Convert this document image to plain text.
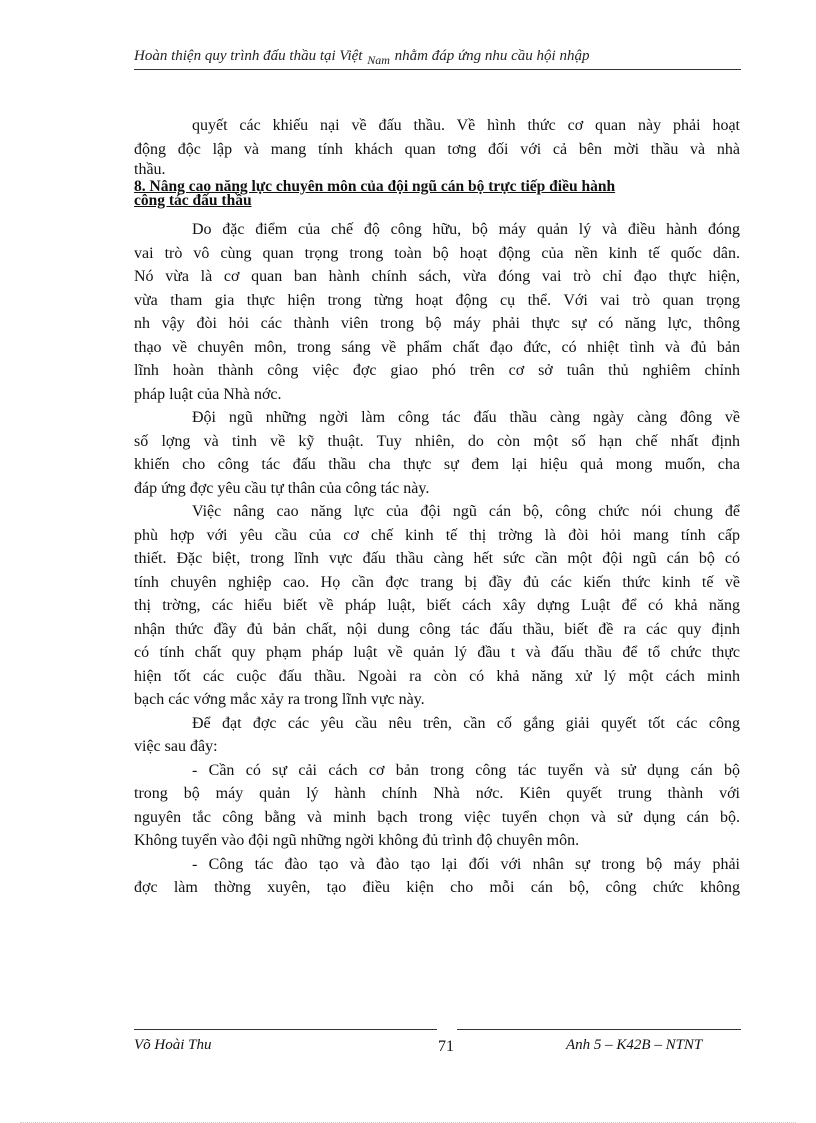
Hoàn thiện quy trình đấu thầu tại Việt $_{Nam}$ nhằm đáp ứng nhu cầu hội nhập
quyết các khiếu nại về đấu thầu. Về hình thức cơ quan này phải hoạt
động độc lập và mang tính khách quan tơng đối với cả bên mời thầu và nhà
thầu.
8. Nâng cao năng lực chuyên môn của đội ngũ cán bộ trực tiếp điều hành
công tác đấu thầu
Do đặc điểm của chế độ công hữu, bộ máy quản lý và điều hành đóng
vai trò vô cùng quan trọng trong toàn bộ hoạt động của nền kinh tế quốc dân.
Nó vừa là cơ quan ban hành chính sách, vừa đóng vai trò chỉ đạo thực hiện,
vừa tham gia thực hiện trong từng hoạt động cụ thể. Với vai trò quan trọng
nh vậy đòi hỏi các thành viên trong bộ máy phải thực sự có năng lực, thông
thạo về chuyên môn, trong sáng về phẩm chất đạo đức, có nhiệt tình và đủ bản
lĩnh hoàn thành công việc đợc giao phó trên cơ sở tuân thủ nghiêm chỉnh
pháp luật của Nhà nớc.
Đội ngũ những ngời làm công tác đấu thầu càng ngày càng đông về
số lợng và tinh về kỹ thuật. Tuy nhiên, do còn một số hạn chế nhất định
khiến cho công tác đấu thầu cha thực sự đem lại hiệu quả mong muốn, cha
đáp ứng đợc yêu cầu tự thân của công tác này.
Việc nâng cao năng lực của đội ngũ cán bộ, công chức nói chung để
phù hợp với yêu cầu của cơ chế kinh tế thị trờng là đòi hỏi mang tính cấp
thiết. Đặc biệt, trong lĩnh vực đấu thầu càng hết sức cần một đội ngũ cán bộ có
tính chuyên nghiệp cao. Họ cần đợc trang bị đầy đủ các kiến thức kinh tế về
thị trờng, các hiểu biết về pháp luật, biết cách xây dựng Luật để có khả năng
nhận thức đầy đủ bản chất, nội dung công tác đấu thầu, biết đề ra các quy định
có tính chất quy phạm pháp luật về quản lý đầu t và đấu thầu để tổ chức thực
hiện tốt các cuộc đấu thầu. Ngoài ra còn có khả năng xử lý một cách minh
bạch các vớng mắc xảy ra trong lĩnh vực này.
Để đạt đợc các yêu cầu nêu trên, cần cố gắng giải quyết tốt các công
việc sau đây:
- Cần có sự cải cách cơ bản trong công tác tuyển và sử dụng cán bộ
trong bộ máy quản lý hành chính Nhà nớc. Kiên quyết trung thành với
nguyên tắc công bằng và minh bạch trong việc tuyển chọn và sử dụng cán bộ.
Không tuyển vào đội ngũ những ngời không đủ trình độ chuyên môn.
- Công tác đào tạo và đào tạo lại đối với nhân sự trong bộ máy phải
đợc làm thờng xuyên, tạo điều kiện cho mỗi cán bộ, công chức không
Võ Hoài Thu	71	Anh 5 – K42B – NTNT
